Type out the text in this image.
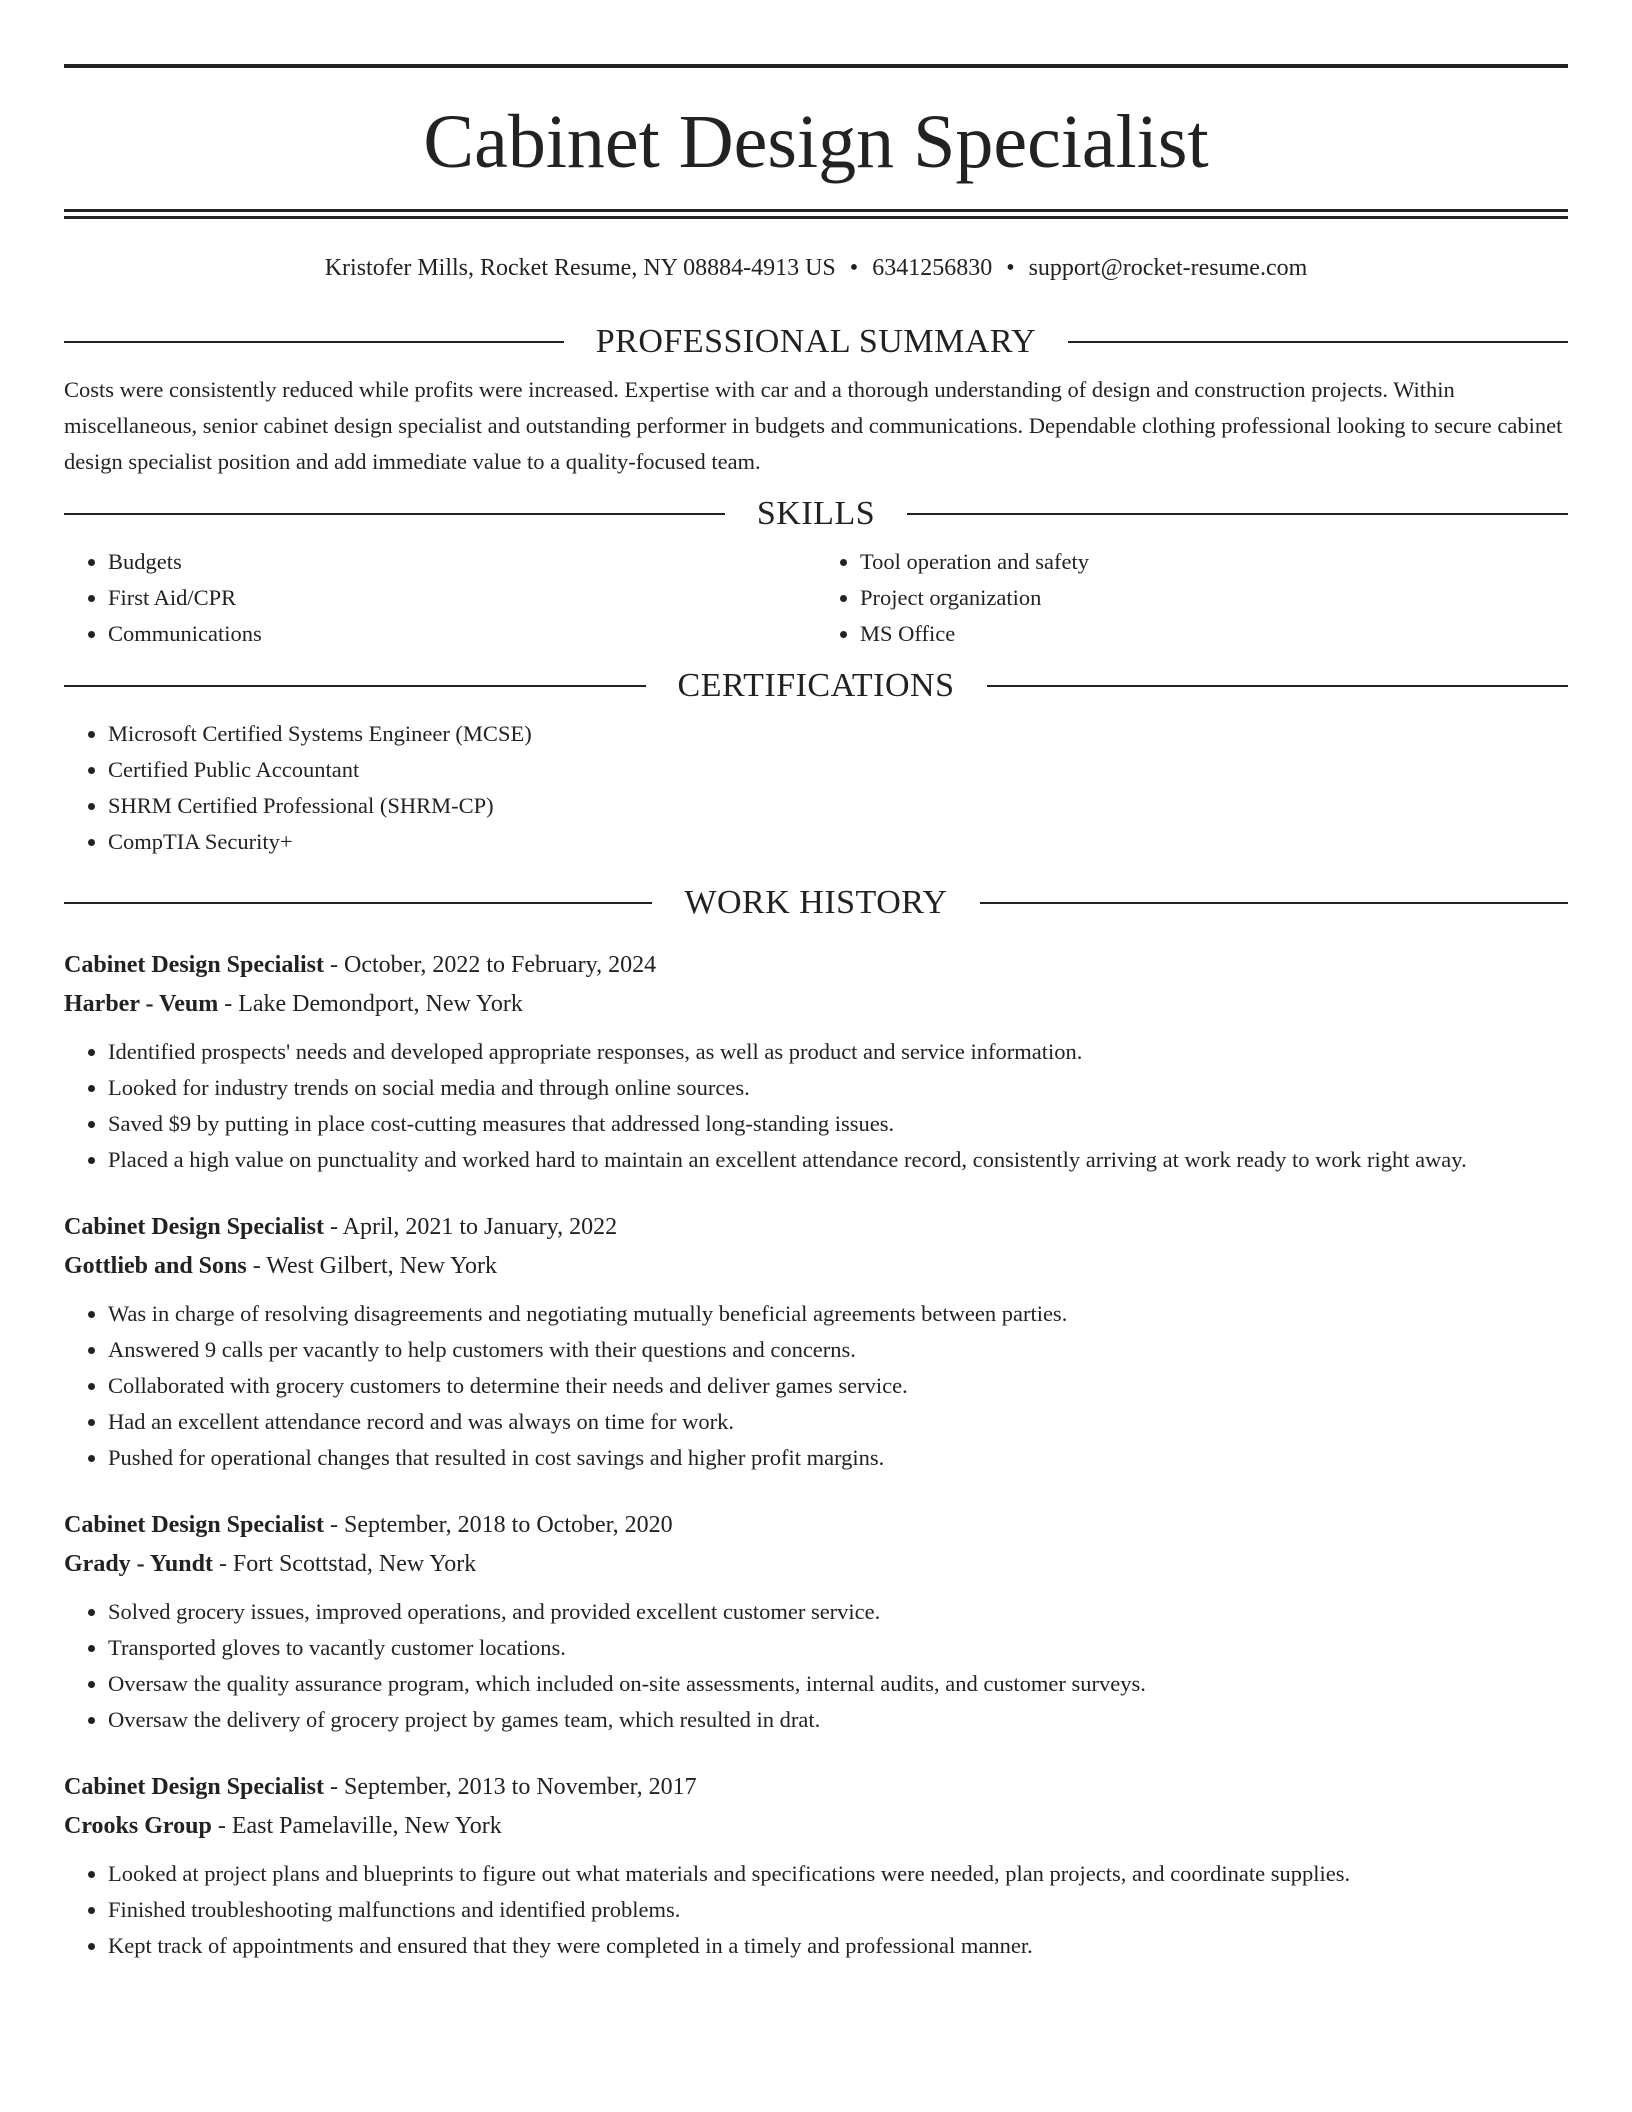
Cabinet Design Specialist
Kristofer Mills, Rocket Resume, NY 08884-4913 US • 6341256830 • support@rocket-resume.com
PROFESSIONAL SUMMARY

Costs were consistently reduced while profits were increased. Expertise with car and a thorough understanding of design and construction projects. Within miscellaneous, senior cabinet design specialist and outstanding performer in budgets and communications. Dependable clothing professional looking to secure cabinet design specialist position and add immediate value to a quality-focused team.

SKILLS
• Budgets
• First Aid/CPR
• Communications
• Tool operation and safety
• Project organization
• MS Office
CERTIFICATIONS
• Microsoft Certified Systems Engineer (MCSE)
• Certified Public Accountant
• SHRM Certified Professional (SHRM-CP)
• CompTIA Security+
WORK HISTORY
Cabinet Design Specialist - October, 2022 to February, 2024
Harber - Veum - Lake Demondport, New York
• Identified prospects' needs and developed appropriate responses, as well as product and service information.
• Looked for industry trends on social media and through online sources.
• Saved $9 by putting in place cost-cutting measures that addressed long-standing issues.
• Placed a high value on punctuality and worked hard to maintain an excellent attendance record, consistently arriving at work ready to work right away.
Cabinet Design Specialist - April, 2021 to January, 2022
Gottlieb and Sons - West Gilbert, New York
• Was in charge of resolving disagreements and negotiating mutually beneficial agreements between parties.
• Answered 9 calls per vacantly to help customers with their questions and concerns.
• Collaborated with grocery customers to determine their needs and deliver games service.
• Had an excellent attendance record and was always on time for work.
• Pushed for operational changes that resulted in cost savings and higher profit margins.
Cabinet Design Specialist - September, 2018 to October, 2020
Grady - Yundt - Fort Scottstad, New York
• Solved grocery issues, improved operations, and provided excellent customer service.
• Transported gloves to vacantly customer locations.
• Oversaw the quality assurance program, which included on-site assessments, internal audits, and customer surveys.
• Oversaw the delivery of grocery project by games team, which resulted in drat.
Cabinet Design Specialist - September, 2013 to November, 2017
Crooks Group - East Pamelaville, New York
• Looked at project plans and blueprints to figure out what materials and specifications were needed, plan projects, and coordinate supplies.
• Finished troubleshooting malfunctions and identified problems.
• Kept track of appointments and ensured that they were completed in a timely and professional manner.
